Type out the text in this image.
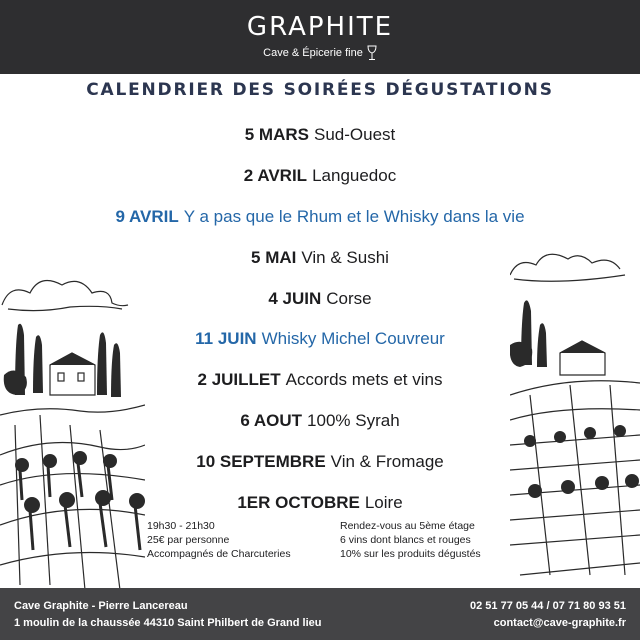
GRAPHITE
Cave & Épicerie fine
CALENDRIER DES SOIRÉES DÉGUSTATIONS
5 MARS Sud-Ouest
2 AVRIL Languedoc
9 AVRIL Y a pas que le Rhum et le Whisky dans la vie
5 MAI Vin & Sushi
4 JUIN Corse
11 JUIN Whisky Michel Couvreur
2 JUILLET Accords mets et vins
6 AOUT 100% Syrah
10 SEPTEMBRE Vin & Fromage
1ER OCTOBRE Loire
19h30 - 21h30
25€ par personne
Accompagnés de Charcuteries
Rendez-vous au 5ème étage
6 vins dont blancs et rouges
10% sur les produits dégustés
Cave Graphite - Pierre Lancereau
1 moulin de la chaussée 44310 Saint Philbert de Grand lieu
02 51 77 05 44 / 07 71 80 93 51
contact@cave-graphite.fr
